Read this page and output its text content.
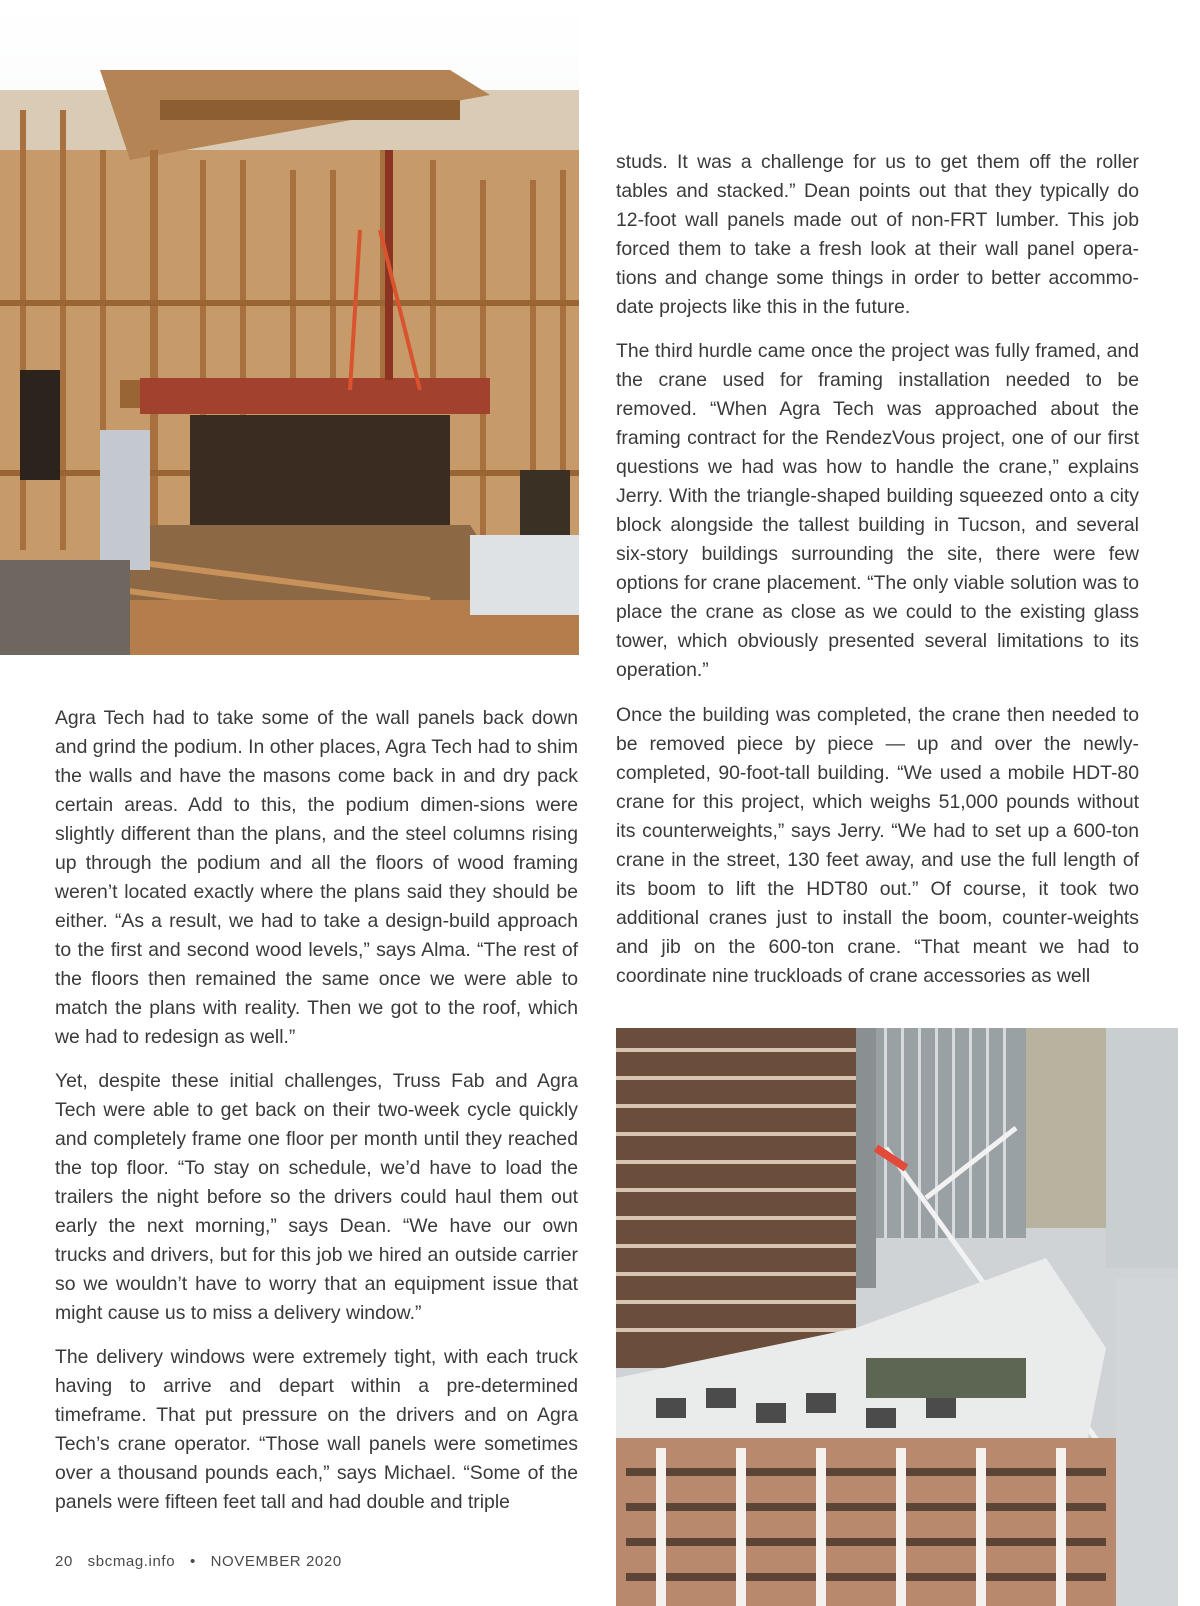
studs. It was a challenge for us to get them off the roller tables and stacked.” Dean points out that they typically do 12-foot wall panels made out of non-FRT lumber. This job forced them to take a fresh look at their wall panel opera-tions and change some things in order to better accommo-date projects like this in the future.

The third hurdle came once the project was fully framed, and the crane used for framing installation needed to be removed. “When Agra Tech was approached about the framing contract for the RendezVous project, one of our first questions we had was how to handle the crane,” explains Jerry. With the triangle-shaped building squeezed onto a city block alongside the tallest building in Tucson, and several six-story buildings surrounding the site, there were few options for crane placement. “The only viable solution was to place the crane as close as we could to the existing glass tower, which obviously presented several limitations to its operation.”

Agra Tech had to take some of the wall panels back down and grind the podium. In other places, Agra Tech had to shim the walls and have the masons come back in and dry pack certain areas. Add to this, the podium dimen-sions were slightly different than the plans, and the steel columns rising up through the podium and all the floors of wood framing weren’t located exactly where the plans said they should be either. “As a result, we had to take a design-build approach to the first and second wood levels,” says Alma. “The rest of the floors then remained the same once we were able to match the plans with reality. Then we got to the roof, which we had to redesign as well.”

Yet, despite these initial challenges, Truss Fab and Agra Tech were able to get back on their two-week cycle quickly and completely frame one floor per month until they reached the top floor. “To stay on schedule, we’d have to load the trailers the night before so the drivers could haul them out early the next morning,” says Dean. “We have our own trucks and drivers, but for this job we hired an outside carrier so we wouldn’t have to worry that an equipment issue that might cause us to miss a delivery window.”

The delivery windows were extremely tight, with each truck having to arrive and depart within a pre-determined timeframe. That put pressure on the drivers and on Agra Tech’s crane operator. “Those wall panels were sometimes over a thousand pounds each,” says Michael. “Some of the panels were fifteen feet tall and had double and triple

Once the building was completed, the crane then needed to be removed piece by piece — up and over the newly-completed, 90-foot-tall building. “We used a mobile HDT-80 crane for this project, which weighs 51,000 pounds without its counterweights,” says Jerry. “We had to set up a 600-ton crane in the street, 130 feet away, and use the full length of its boom to lift the HDT80 out.” Of course, it took two additional cranes just to install the boom, counter-weights and jib on the 600-ton crane. “That meant we had to coordinate nine truckloads of crane accessories as well

20 sbcmag.info • NOVEMBER 2020
